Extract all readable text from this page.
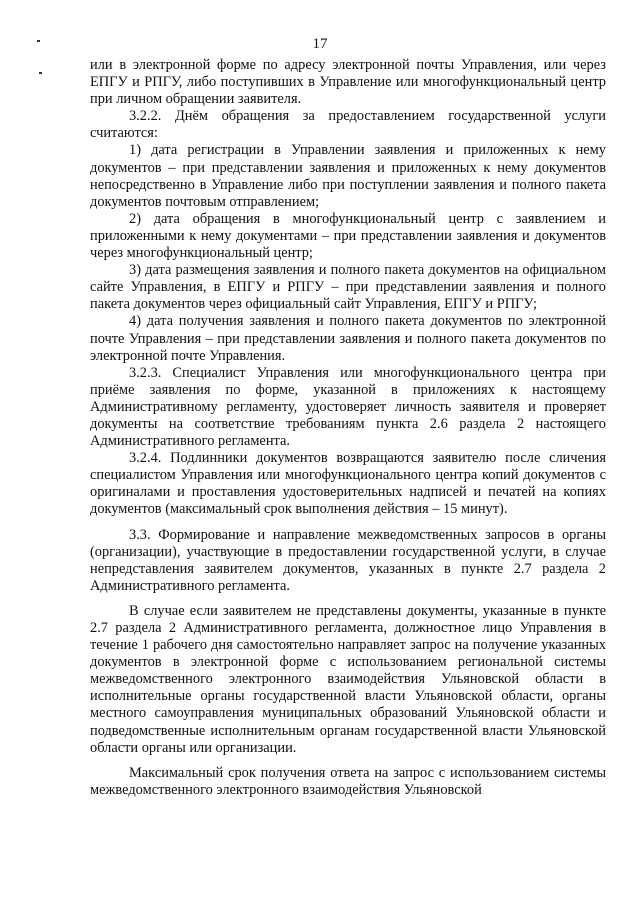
17

или в электронной форме по адресу электронной почты Управления, или через ЕПГУ и РПГУ, либо поступивших в Управление или многофункциональный центр при личном обращении заявителя.

3.2.2. Днём обращения за предоставлением государственной услуги считаются:

1) дата регистрации в Управлении заявления и приложенных к нему документов – при представлении заявления и приложенных к нему документов непосредственно в Управление либо при поступлении заявления и полного пакета документов почтовым отправлением;

2) дата обращения в многофункциональный центр с заявлением и приложенными к нему документами – при представлении заявления и документов через многофункциональный центр;

3) дата размещения заявления и полного пакета документов на официальном сайте Управления, в ЕПГУ и РПГУ – при представлении заявления и полного пакета документов через официальный сайт Управления, ЕПГУ и РПГУ;

4) дата получения заявления и полного пакета документов по электронной почте Управления – при представлении заявления и полного пакета документов по электронной почте Управления.

3.2.3. Специалист Управления или многофункционального центра при приёме заявления по форме, указанной в приложениях к настоящему Административному регламенту, удостоверяет личность заявителя и проверяет документы на соответствие требованиям пункта 2.6 раздела 2 настоящего Административного регламента.

3.2.4. Подлинники документов возвращаются заявителю после сличения специалистом Управления или многофункционального центра копий документов с оригиналами и проставления удостоверительных надписей и печатей на копиях документов (максимальный срок выполнения действия – 15 минут).

3.3. Формирование и направление межведомственных запросов в органы (организации), участвующие в предоставлении государственной услуги, в случае непредставления заявителем документов, указанных в пункте 2.7 раздела 2 Административного регламента.

В случае если заявителем не представлены документы, указанные в пункте 2.7 раздела 2 Административного регламента, должностное лицо Управления в течение 1 рабочего дня самостоятельно направляет запрос на получение указанных документов в электронной форме с использованием региональной системы межведомственного электронного взаимодействия Ульяновской области в исполнительные органы государственной власти Ульяновской области, органы местного самоуправления муниципальных образований Ульяновской области и подведомственные исполнительным органам государственной власти Ульяновской области органы или организации.

Максимальный срок получения ответа на запрос с использованием системы межведомственного электронного взаимодействия Ульяновской
